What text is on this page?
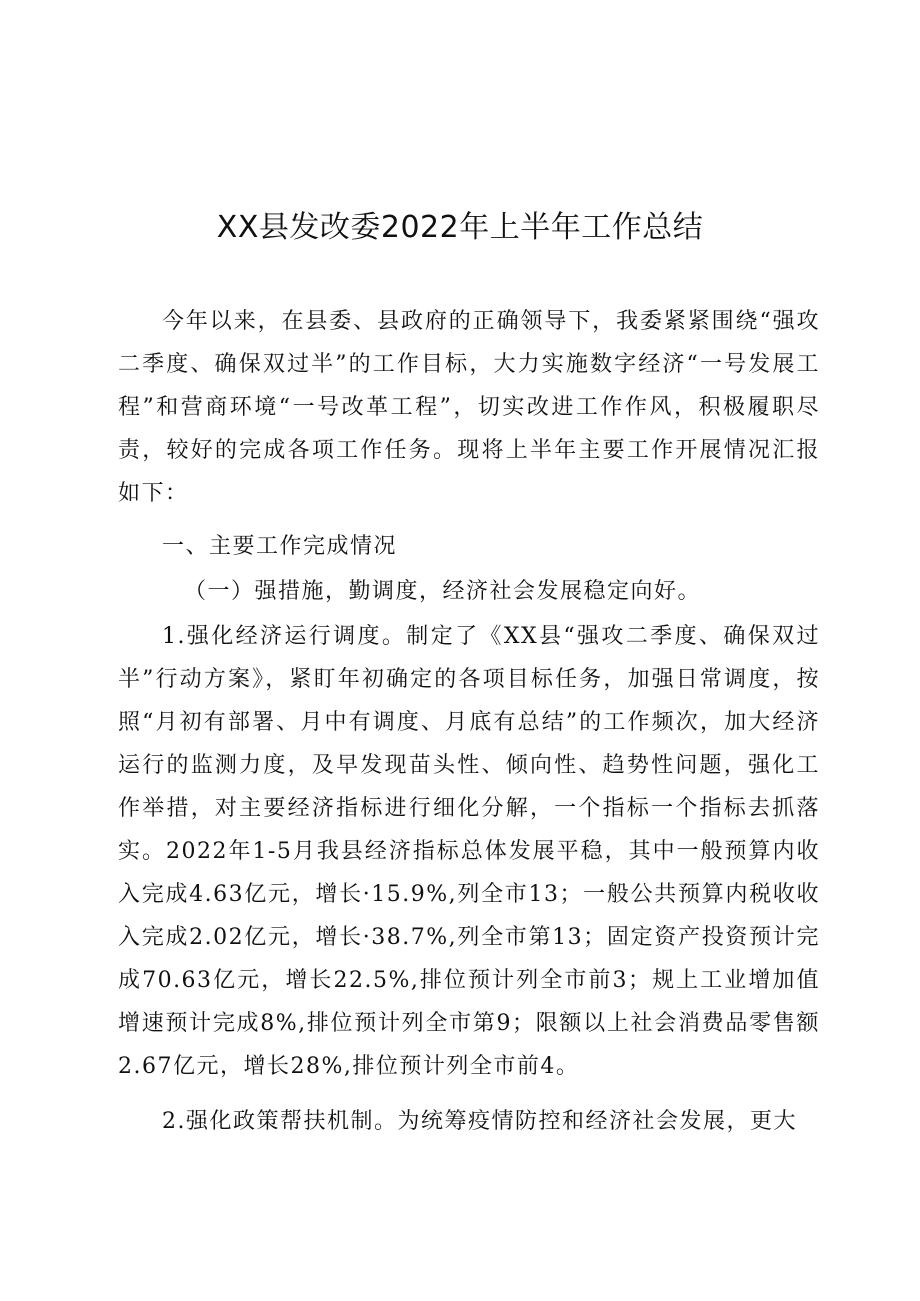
XX县发改委2022年上半年工作总结

今年以来，在县委、县政府的正确领导下，我委紧紧围绕“强攻二季度、确保双过半”的工作目标，大力实施数字经济“一号发展工程”和营商环境“一号改革工程”，切实改进工作作风，积极履职尽责，较好的完成各项工作任务。现将上半年主要工作开展情况汇报如下：

一、主要工作完成情况

（一）强措施，勤调度，经济社会发展稳定向好。

1.强化经济运行调度。制定了《XX县“强攻二季度、确保双过半”行动方案》，紧盯年初确定的各项目标任务，加强日常调度，按照“月初有部署、月中有调度、月底有总结”的工作频次，加大经济运行的监测力度，及早发现苗头性、倾向性、趋势性问题，强化工作举措，对主要经济指标进行细化分解，一个指标一个指标去抓落实。2022年1-5月我县经济指标总体发展平稳，其中一般预算内收入完成4.63亿元，增长·15.9%,列全市13；一般公共预算内税收收入完成2.02亿元，增长·38.7%,列全市第13；固定资产投资预计完成70.63亿元，增长22.5%,排位预计列全市前3；规上工业增加值增速预计完成8%,排位预计列全市第9；限额以上社会消费品零售额2.67亿元，增长28%,排位预计列全市前4。

2.强化政策帮扶机制。为统筹疫情防控和经济社会发展，更大
